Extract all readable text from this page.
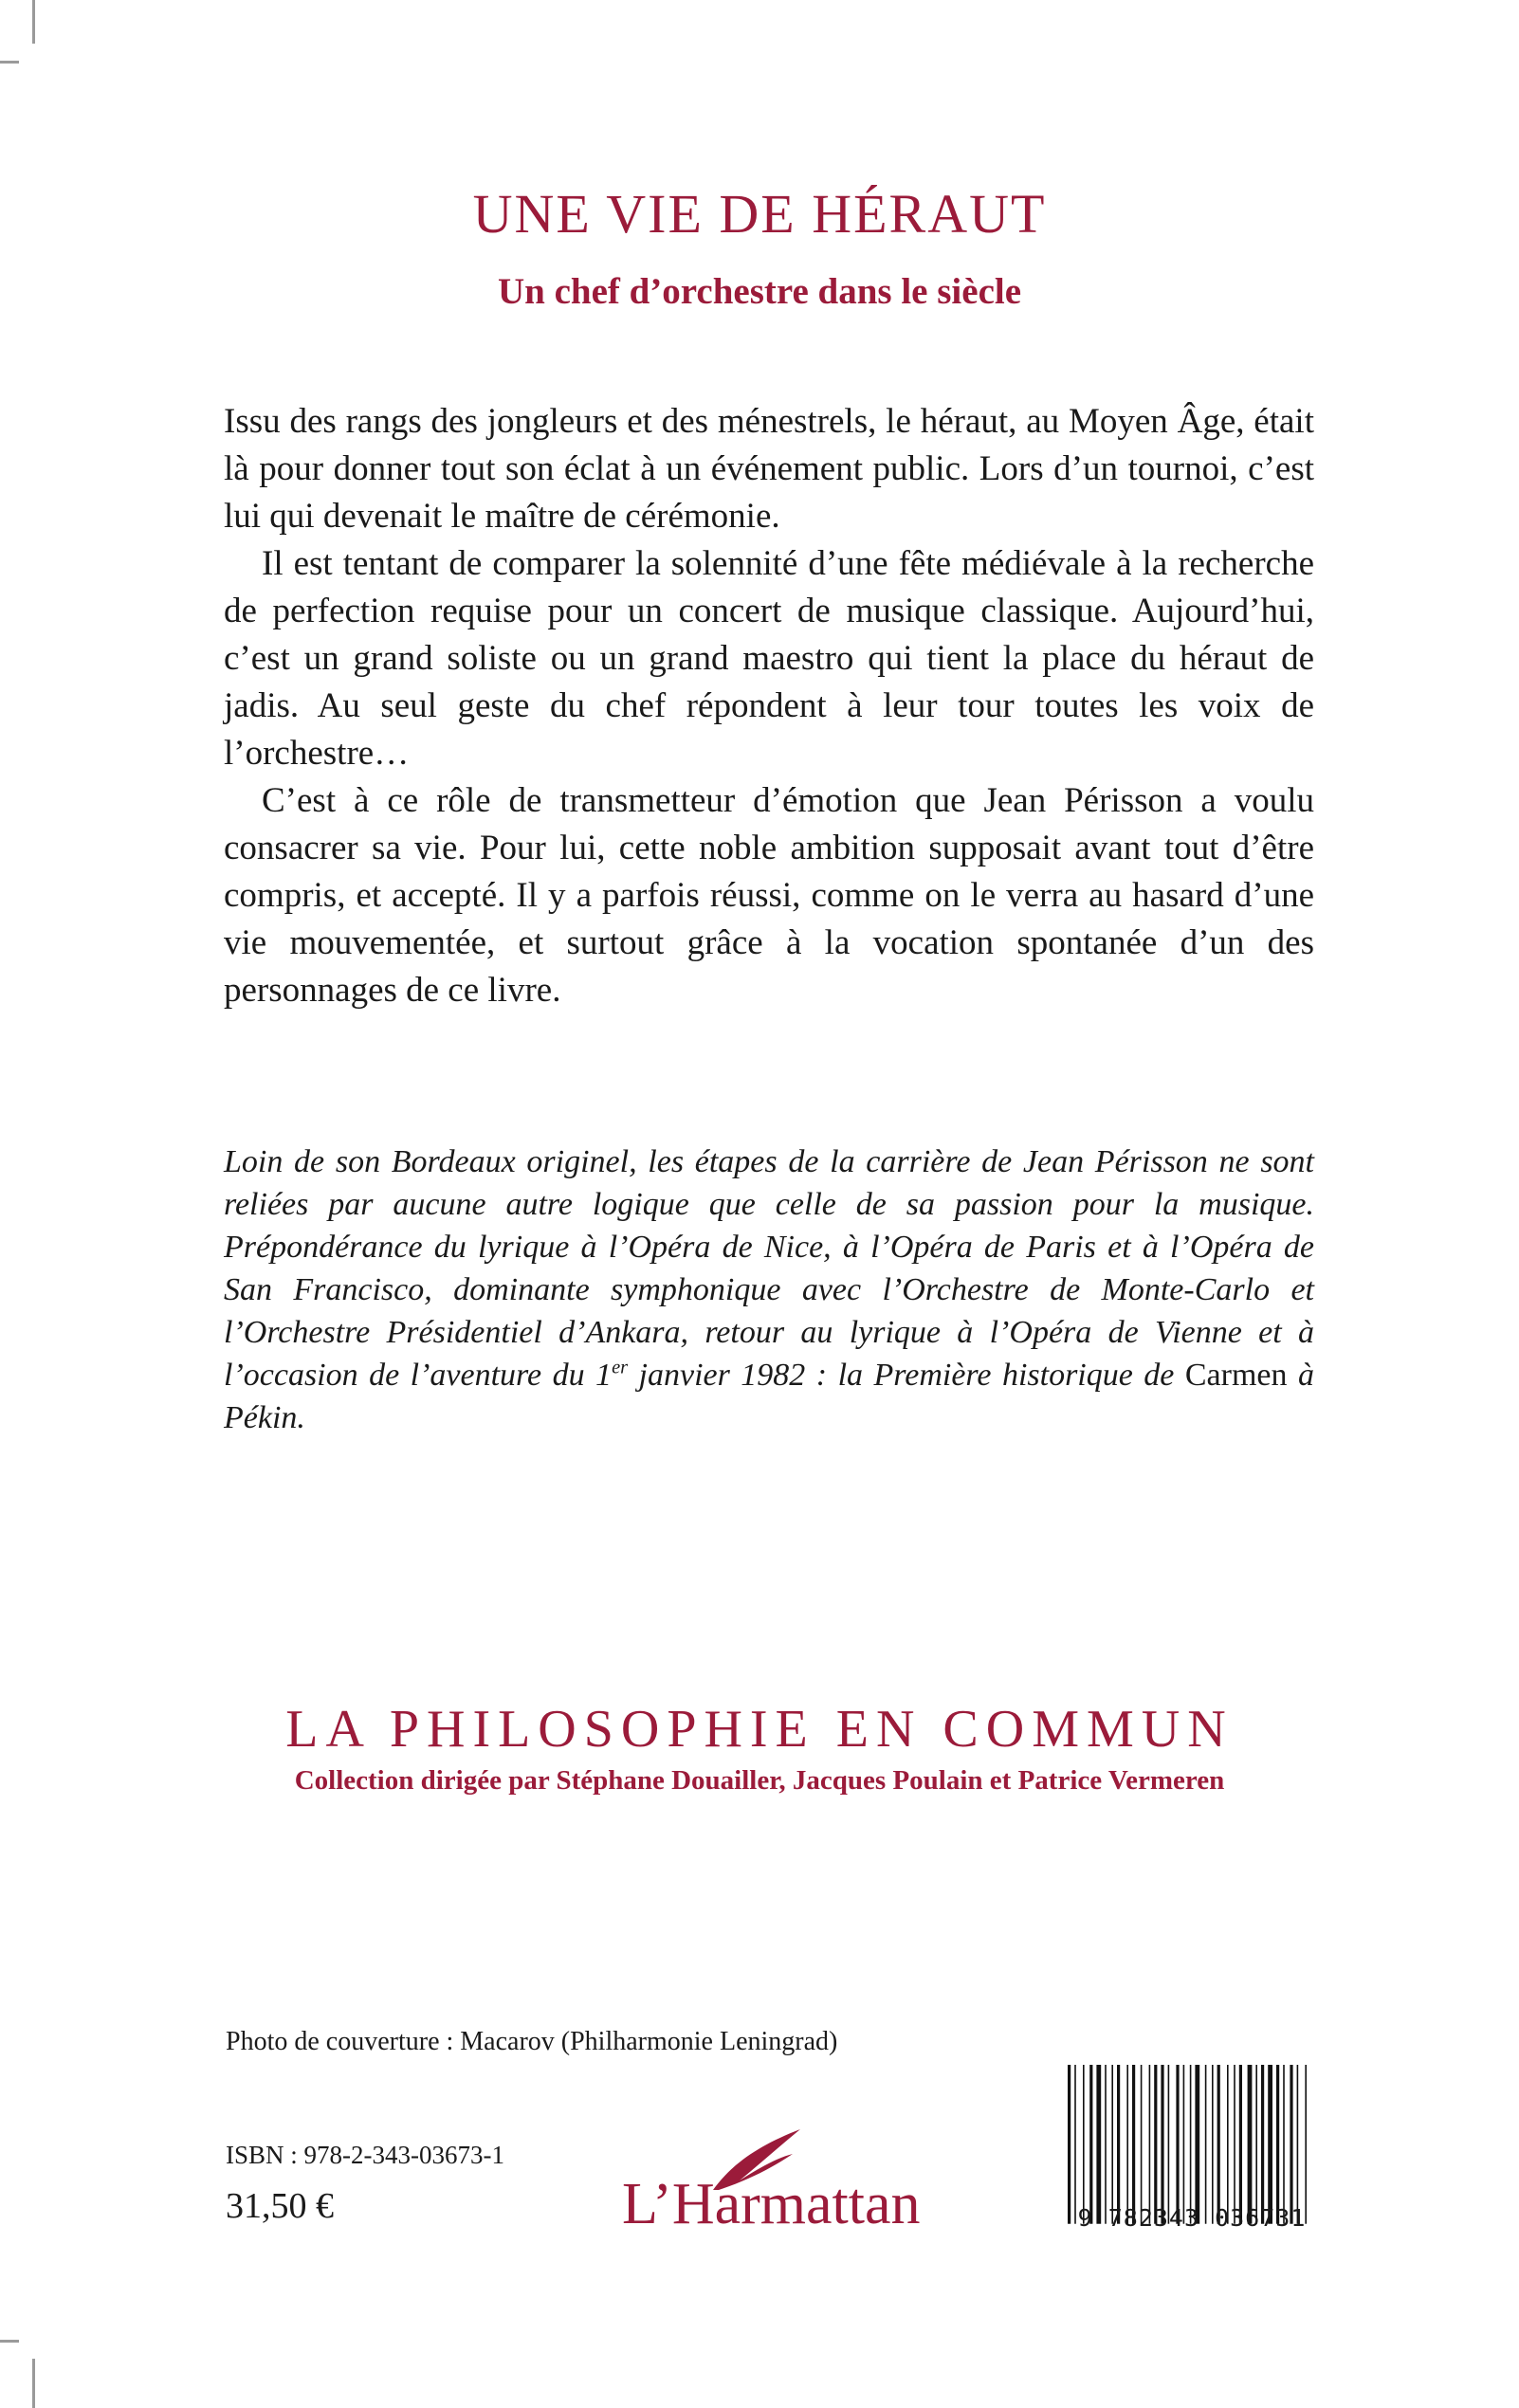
UNE VIE DE HÉRAUT
Un chef d’orchestre dans le siècle

Issu des rangs des jongleurs et des ménestrels, le héraut, au Moyen Âge, était là pour donner tout son éclat à un événement public. Lors d’un tournoi, c’est lui qui devenait le maître de cérémonie.

Il est tentant de comparer la solennité d’une fête médiévale à la recherche de perfection requise pour un concert de musique classique. Aujourd’hui, c’est un grand soliste ou un grand maestro qui tient la place du héraut de jadis. Au seul geste du chef répondent à leur tour toutes les voix de l’orchestre…

C’est à ce rôle de transmetteur d’émotion que Jean Périsson a voulu consacrer sa vie. Pour lui, cette noble ambition supposait avant tout d’être compris, et accepté. Il y a parfois réussi, comme on le verra au hasard d’une vie mouvementée, et surtout grâce à la vocation spontanée d’un des personnages de ce livre.

Loin de son Bordeaux originel, les étapes de la carrière de Jean Périsson ne sont reliées par aucune autre logique que celle de sa passion pour la musique. Prépondérance du lyrique à l’Opéra de Nice, à l’Opéra de Paris et à l’Opéra de San Francisco, dominante symphonique avec l’Orchestre de Monte-Carlo et l’Orchestre Présidentiel d’Ankara, retour au lyrique à l’Opéra de Vienne et à l’occasion de l’aventure du 1er janvier 1982 : la Première historique de Carmen à Pékin.

LA PHILOSOPHIE EN COMMUN
Collection dirigée par Stéphane Douailler, Jacques Poulain et Patrice Vermeren
Photo de couverture : Macarov (Philharmonie Leningrad)
ISBN : 978-2-343-03673-1
31,50 €	L’Harmattan	9 782343 036731
